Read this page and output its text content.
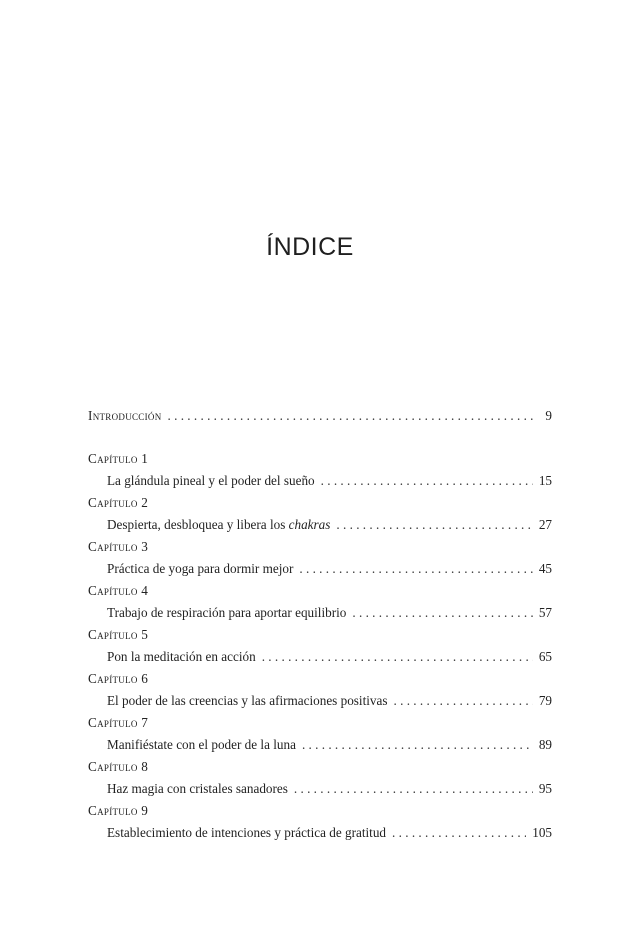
ÍNDICE
Introducción . . .	9
Capítulo 1
La glándula pineal y el poder del sueño . . .	15
Capítulo 2
Despierta, desbloquea y libera los chakras . . .	27
Capítulo 3
Práctica de yoga para dormir mejor . . .	45
Capítulo 4
Trabajo de respiración para aportar equilibrio . . .	57
Capítulo 5
Pon la meditación en acción . . .	65
Capítulo 6
El poder de las creencias y las afirmaciones positivas . . .	79
Capítulo 7
Manifiéstate con el poder de la luna . . .	89
Capítulo 8
Haz magia con cristales sanadores . . .	95
Capítulo 9
Establecimiento de intenciones y práctica de gratitud . . .	105
